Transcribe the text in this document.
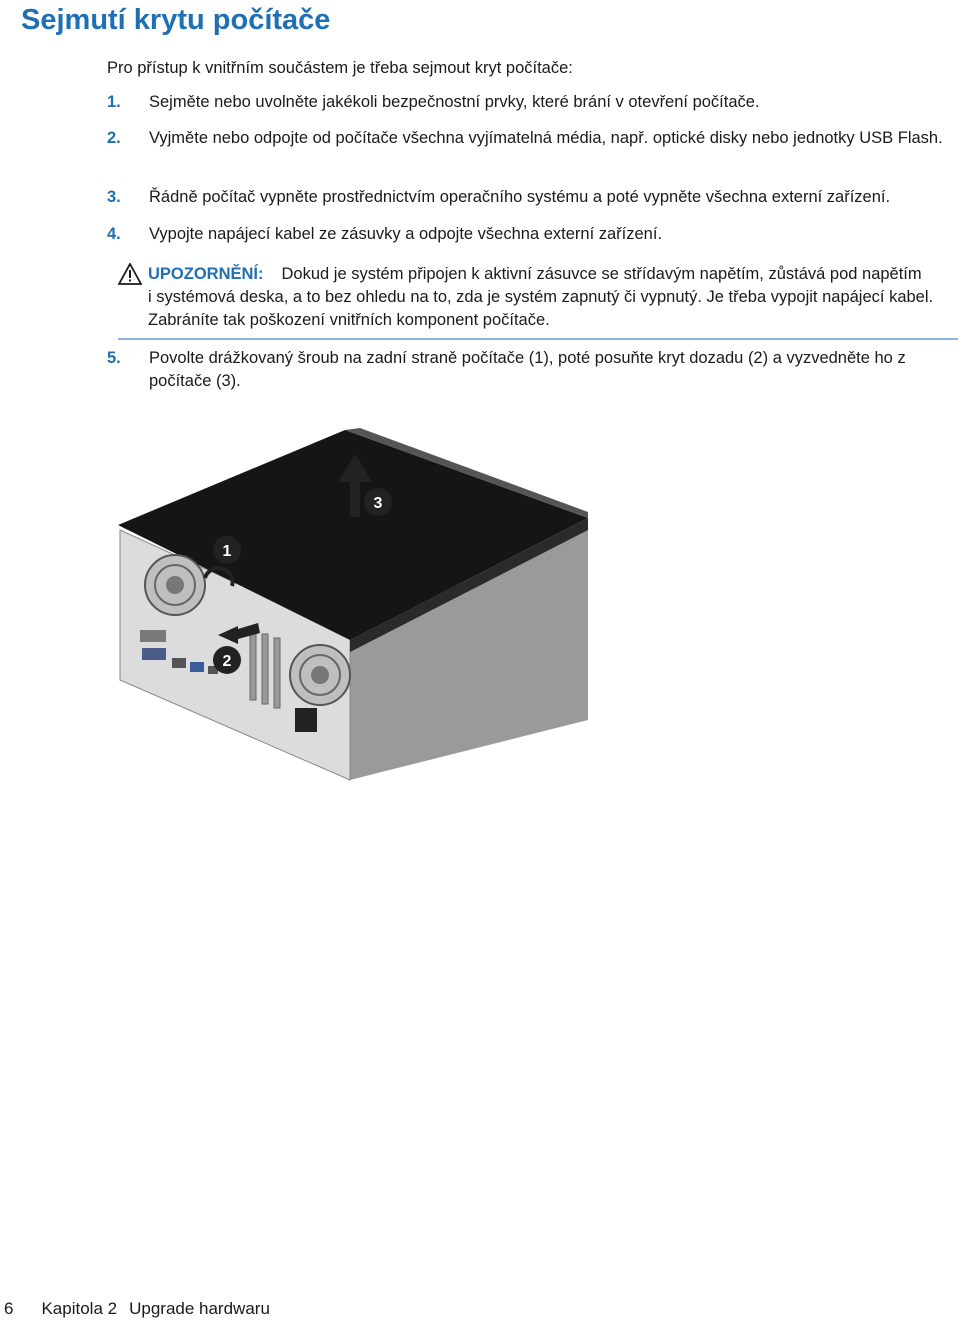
Sejmutí krytu počítače
Pro přístup k vnitřním součástem je třeba sejmout kryt počítače:
1. Sejměte nebo uvolněte jakékoli bezpečnostní prvky, které brání v otevření počítače.
2. Vyjměte nebo odpojte od počítače všechna vyjímatelná média, např. optické disky nebo jednotky USB Flash.
3. Řádně počítač vypněte prostřednictvím operačního systému a poté vypněte všechna externí zařízení.
4. Vypojte napájecí kabel ze zásuvky a odpojte všechna externí zařízení.
UPOZORNĚNÍ: Dokud je systém připojen k aktivní zásuvce se střídavým napětím, zůstává pod napětím
i systémová deska, a to bez ohledu na to, zda je systém zapnutý či vypnutý. Je třeba vypojit napájecí kabel. Zabráníte tak poškození vnitřních komponent počítače.
5. Povolte drážkovaný šroub na zadní straně počítače (1), poté posuňte kryt dozadu (2) a vyzvedněte ho z počítače (3).
1
2
3
6 Kapitola 2 Upgrade hardwaru
